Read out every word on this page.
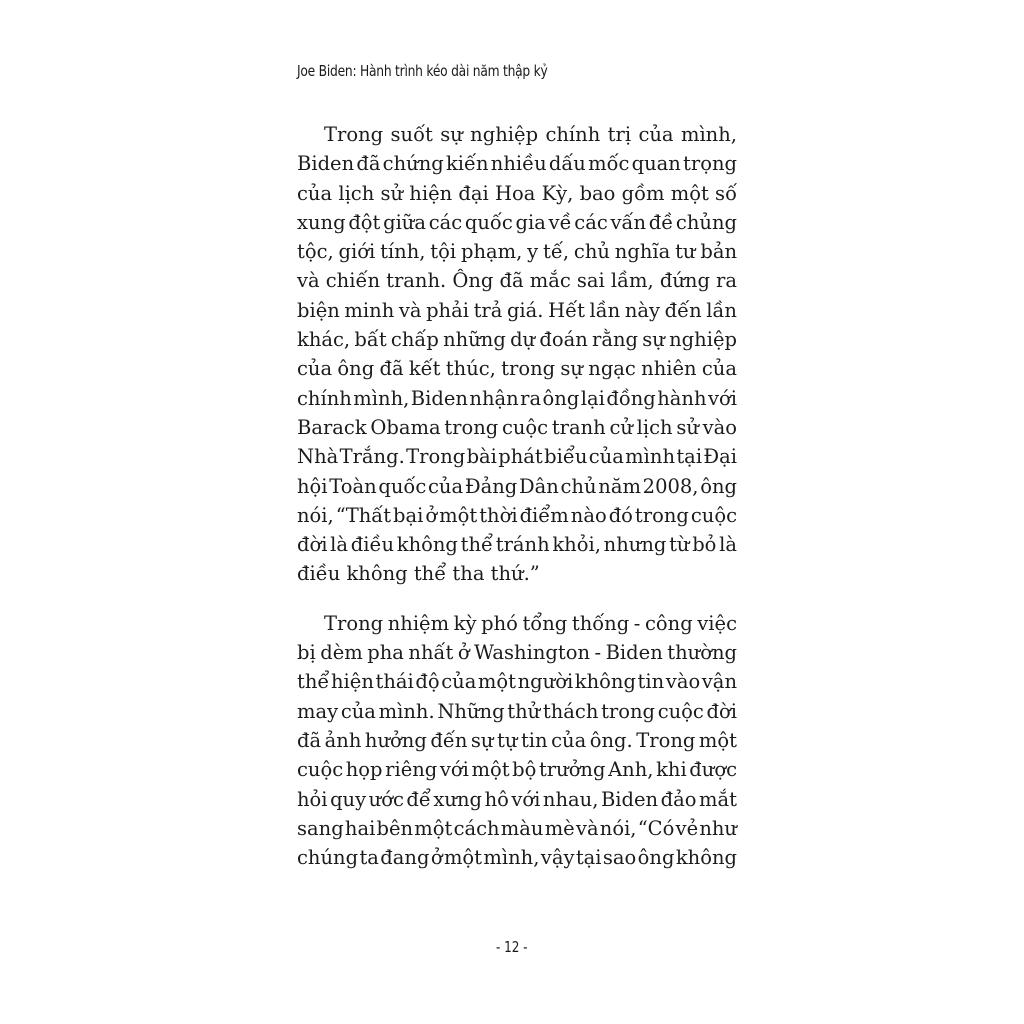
Joe Biden: Hành trình kéo dài năm thập kỷ
Trong suốt sự nghiệp chính trị của mình,
Biden đã chứng kiến nhiều dấu mốc quan trọng
của lịch sử hiện đại Hoa Kỳ, bao gồm một số
xung đột giữa các quốc gia về các vấn đề chủng
tộc, giới tính, tội phạm, y tế, chủ nghĩa tư bản
và chiến tranh. Ông đã mắc sai lầm, đứng ra
biện minh và phải trả giá. Hết lần này đến lần
khác, bất chấp những dự đoán rằng sự nghiệp
của ông đã kết thúc, trong sự ngạc nhiên của
chính mình, Biden nhận ra ông lại đồng hành với
Barack Obama trong cuộc tranh cử lịch sử vào
Nhà Trắng. Trong bài phát biểu của mình tại Đại
hội Toàn quốc của Đảng Dân chủ năm 2008, ông
nói, “Thất bại ở một thời điểm nào đó trong cuộc
đời là điều không thể tránh khỏi, nhưng từ bỏ là
điều không thể tha thứ.”
Trong nhiệm kỳ phó tổng thống - công việc
bị dèm pha nhất ở Washington - Biden thường
thể hiện thái độ của một người không tin vào vận
may của mình. Những thử thách trong cuộc đời
đã ảnh hưởng đến sự tự tin của ông. Trong một
cuộc họp riêng với một bộ trưởng Anh, khi được
hỏi quy ước để xưng hô với nhau, Biden đảo mắt
sang hai bên một cách màu mè và nói, “Có vẻ như
chúng ta đang ở một mình, vậy tại sao ông không
- 12 -
